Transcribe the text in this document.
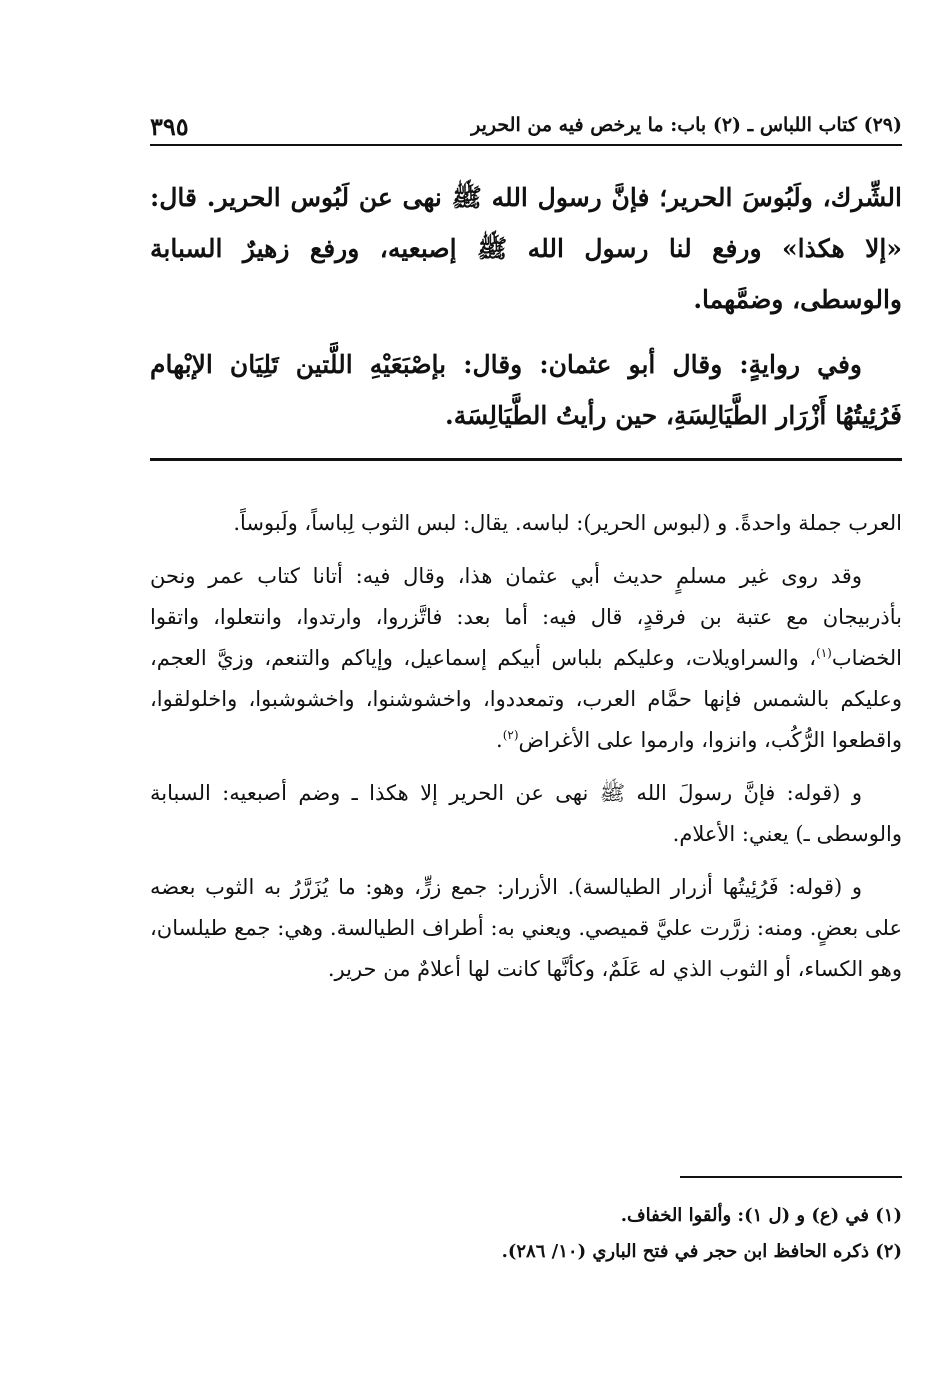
(٢٩) كتاب اللباس ـ (٢) باب: ما يرخص فيه من الحرير
٣٩٥

الشِّرك، ولَبُوسَ الحرير؛ فإنَّ رسول الله ﷺ نهى عن لَبُوس الحرير. قال: «إلا هكذا» ورفع لنا رسول الله ﷺ إصبعيه، ورفع زهيرٌ السبابة والوسطى، وضمَّهما.

وفي روايةٍ: وقال أبو عثمان: وقال: بإصْبَعَيْهِ اللَّتين تَلِيَان الإبْهام فَرُئِيتُهُا أَزْرَار الطَّيَالِسَةِ، حين رأيتُ الطَّيَالِسَة.

العرب جملة واحدةً. و (لبوس الحرير): لباسه. يقال: لبس الثوب لِباساً، ولَبوساً.

وقد روى غير مسلمٍ حديث أبي عثمان هذا، وقال فيه: أتانا كتاب عمر ونحن بأذربيجان مع عتبة بن فرقدٍ، قال فيه: أما بعد: فاتَّزروا، وارتدوا، وانتعلوا، واتقوا الخضاب$^{(١)}$، والسراويلات، وعليكم بلباس أبيكم إسماعيل، وإياكم والتنعم، وزيَّ العجم، وعليكم بالشمس فإنها حمَّام العرب، وتمعددوا، واخشوشنوا، واخشوشبوا، واخلولقوا، واقطعوا الرُّكُب، وانزوا، وارموا على الأغراض$^{(٢)}$.

و (قوله: فإنَّ رسولَ الله ﷺ نهى عن الحرير إلا هكذا ـ وضم أصبعيه: السبابة والوسطى ـ) يعني: الأعلام.

و (قوله: فَرُئِيتُها أزرار الطيالسة). الأزرار: جمع زرٍّ، وهو: ما يُزَرَّرُ به الثوب بعضه على بعضٍ. ومنه: زرَّرت عليَّ قميصي. ويعني به: أطراف الطيالسة. وهي: جمع طيلسان، وهو الكساء، أو الثوب الذي له عَلَمٌ، وكأنَّها كانت لها أعلامٌ من حرير.

(١) في (ع) و (ل ١): وألقوا الخفاف.

(٢) ذكره الحافظ ابن حجر في فتح الباري (١٠/ ٢٨٦).
